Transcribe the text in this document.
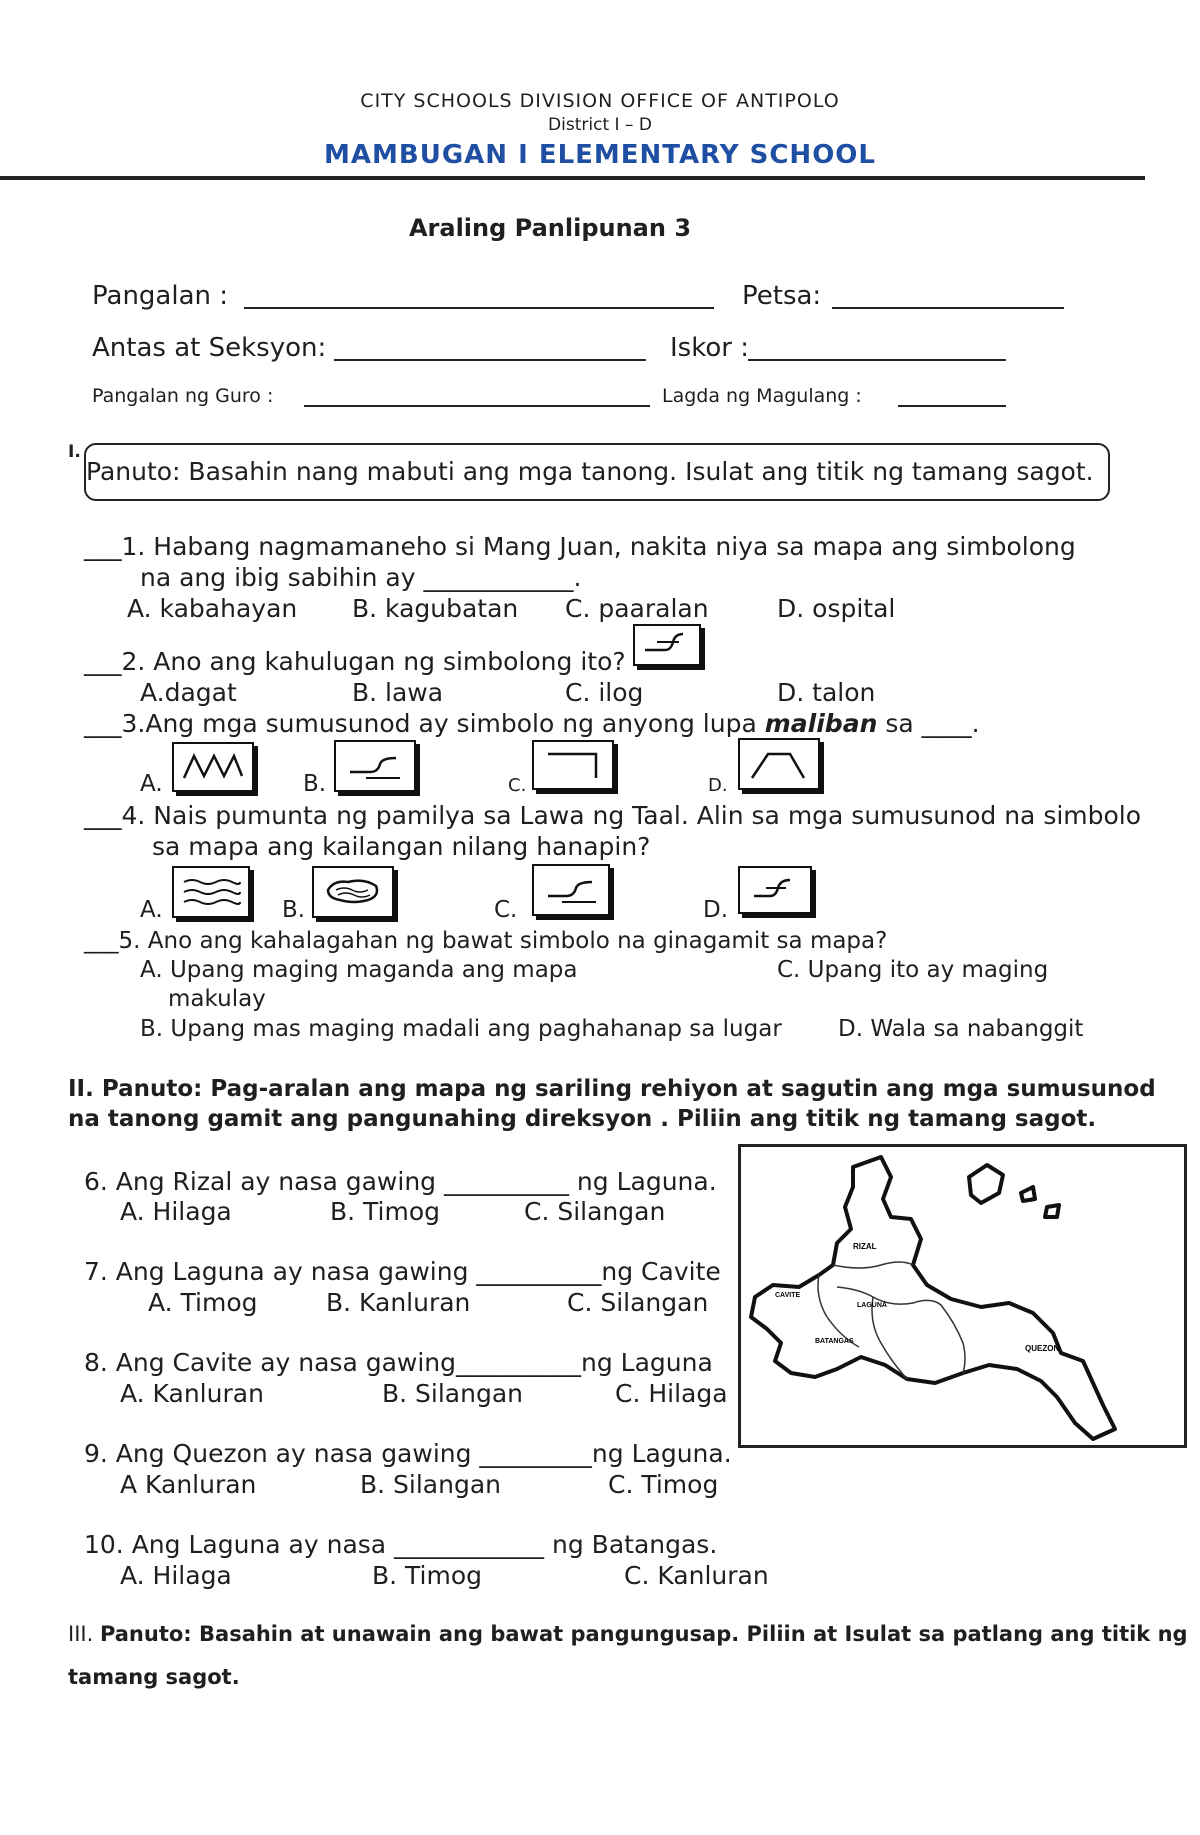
CITY SCHOOLS DIVISION OFFICE OF ANTIPOLO
District I – D
MAMBUGAN I ELEMENTARY SCHOOL
Araling Panlipunan 3
Pangalan :	Petsa:
Antas at Seksyon:	Iskor :
Pangalan ng Guro :	Lagda ng Magulang :
I.
Panuto: Basahin nang mabuti ang mga tanong. Isulat ang titik ng tamang sagot.
___1. Habang nagmamaneho si Mang Juan, nakita niya sa mapa ang simbolong
na ang ibig sabihin ay ____________.
A. kabahayan B. kagubatan C. paaralan	D. ospital
___2. Ano ang kahulugan ng simbolong ito?
A.dagat	B. lawa	C. ilog	D. talon
___3.Ang mga sumusunod ay simbolo ng anyong lupa maliban sa ____.
A.	B.	C.	D.
___4. Nais pumunta ng pamilya sa Lawa ng Taal. Alin sa mga sumusunod na simbolo
sa mapa ang kailangan nilang hanapin?
A.	B.	C.	D.
___5. Ano ang kahalagahan ng bawat simbolo na ginagamit sa mapa?
A. Upang maging maganda ang mapa	C. Upang ito ay maging
makulay
B. Upang mas maging madali ang paghahanap sa lugar D. Wala sa nabanggit
II. Panuto: Pag-aralan ang mapa ng sariling rehiyon at sagutin ang mga sumusunod
na tanong gamit ang pangunahing direksyon . Piliin ang titik ng tamang sagot.
6. Ang Rizal ay nasa gawing __________ ng Laguna.
A. Hilaga	B. Timog	C. Silangan
7. Ang Laguna ay nasa gawing __________ng Cavite
A. Timog	B. Kanluran	C. Silangan
8. Ang Cavite ay nasa gawing__________ng Laguna
A. Kanluran	B. Silangan	C. Hilaga
9. Ang Quezon ay nasa gawing _________ng Laguna.
A Kanluran	B. Silangan	C. Timog
10. Ang Laguna ay nasa ____________ ng Batangas.
A. Hilaga	B. Timog	C. Kanluran
RIZAL
CAVITE
LAGUNA
BATANGAS
QUEZON
III. Panuto: Basahin at unawain ang bawat pangungusap. Piliin at Isulat sa patlang ang titik ng
tamang sagot.
